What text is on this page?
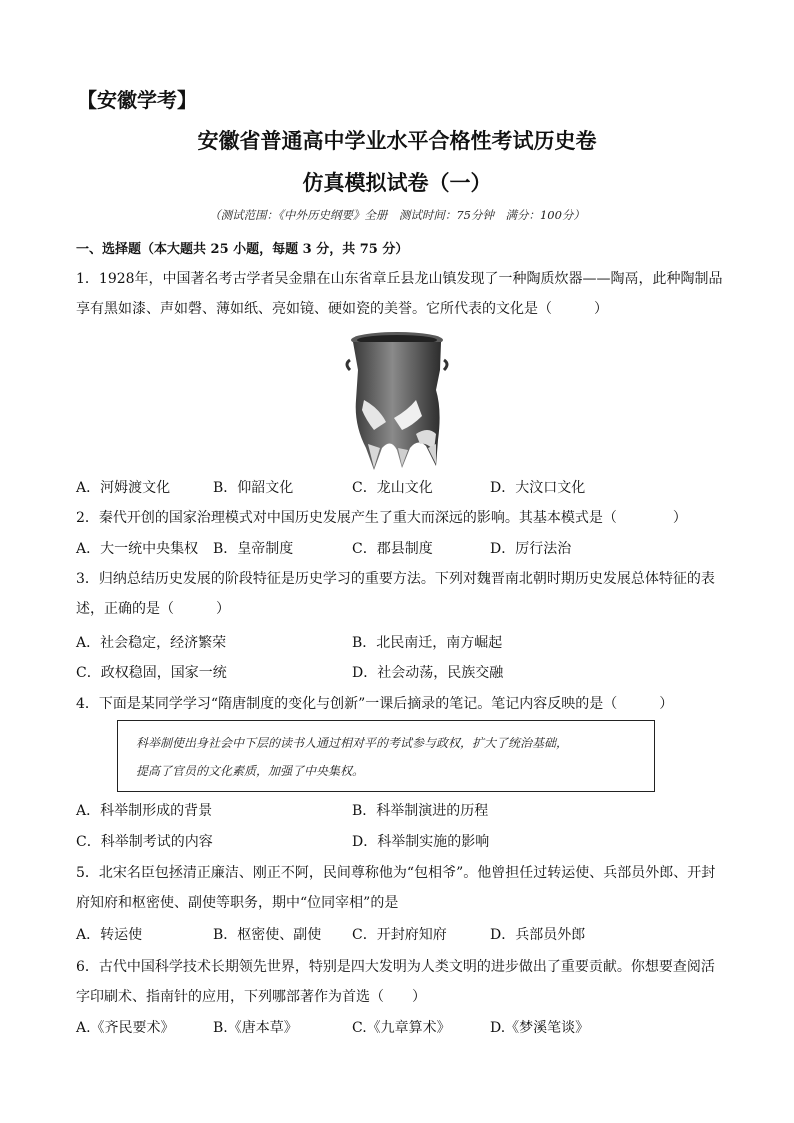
【安徽学考】
安徽省普通高中学业水平合格性考试历史卷
仿真模拟试卷（一）
（测试范围：《中外历史纲要》全册　测试时间：75分钟　满分：100分）
一、选择题（本大题共 25 小题，每题 3 分，共 75 分）
1．1928年，中国著名考古学者吴金鼎在山东省章丘县龙山镇发现了一种陶质炊器——陶鬲，此种陶制品
享有黑如漆、声如磬、薄如纸、亮如镜、硬如瓷的美誉。它所代表的文化是（　　　）
A．河姆渡文化	B．仰韶文化	C．龙山文化	D．大汶口文化
2．秦代开创的国家治理模式对中国历史发展产生了重大而深远的影响。其基本模式是（　　　　）
A．大一统中央集权 B．皇帝制度	C．郡县制度	D．厉行法治
3．归纳总结历史发展的阶段特征是历史学习的重要方法。下列对魏晋南北朝时期历史发展总体特征的表
述，正确的是（　　　）
A．社会稳定，经济繁荣	B．北民南迁，南方崛起
C．政权稳固，国家一统	D．社会动荡，民族交融
4．下面是某同学学习“隋唐制度的变化与创新”一课后摘录的笔记。笔记内容反映的是（　　　）
科举制使出身社会中下层的读书人通过相对平的考试参与政权，扩大了统治基础，
提高了官员的文化素质，加强了中央集权。
A．科举制形成的背景	B．科举制演进的历程
C．科举制考试的内容	D．科举制实施的影响
5．北宋名臣包拯清正廉洁、刚正不阿，民间尊称他为“包相爷”。他曾担任过转运使、兵部员外郎、开封
府知府和枢密使、副使等职务，期中“位同宰相”的是
A．转运使	B．枢密使、副使 C．开封府知府	D．兵部员外郎
6．古代中国科学技术长期领先世界，特别是四大发明为人类文明的进步做出了重要贡献。你想要查阅活
字印刷术、指南针的应用，下列哪部著作为首选（　　）
A.《齐民要术》	B.《唐本草》	C.《九章算术》	D.《梦溪笔谈》
